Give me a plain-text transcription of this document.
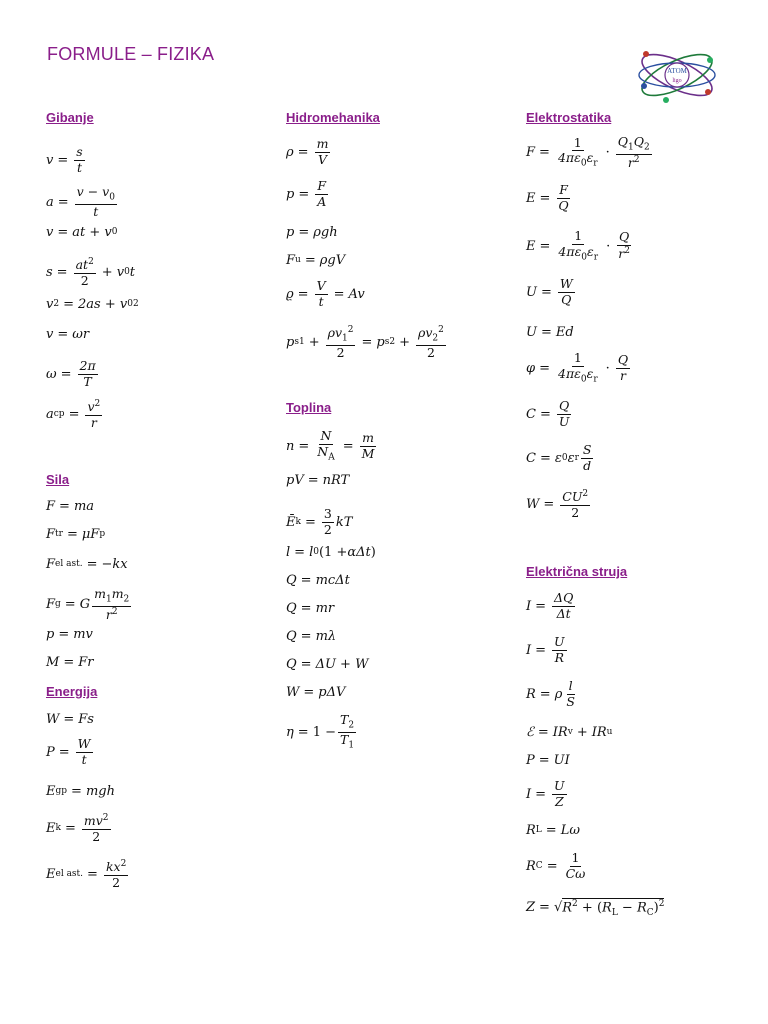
FORMULE – FIZIKA
ATOM
ligo
Gibanje
$v = \frac{s}{t}$
$a = \frac{v - v_0}{t}$
v = at + v 0
$s = \frac{at^2}{2} + v$ 0 t
v 2 = 2as + v 0 2
v = ωr
$\omega = \frac{2\pi}{T}$
a cp = $\frac{v^2}{r}$
Sila
F = ma
F tr = μF p
F el ast. = −kx
F g = G $\frac{m_1m_2}{r^2}$
p = mv
M = Fr
Energija
W = Fs
$P = \frac{W}{t}$
E gp = mgh
E $k = \frac{mv^2}{2}$
E el ast. = $\frac{kx^2}{2}$
Hidromehanika
$\rho = \frac{m}{V}$
$p = \frac{F}{A}$
p = ρgh
F u = ρgV
$ϱ = \frac{V}{t} = Av$
p $s1 + \frac{\rho v_1^2}{2} = p$ $s2 + \frac{\rho v_2^2}{2}$
Toplina
$n = \frac{N}{N_A} = \frac{m}{M}$
pV = nRT
Ē $k = \frac{3}{2}$ kT
l = l 0 (1 + αΔt )
Q = mcΔt
Q = mr
Q = mλ
Q = ΔU + W
W = pΔV
$\eta = 1 - \frac{T_2}{T_1}$
Elektrostatika
$F = \frac{1}{4\pi\varepsilon_0\varepsilon_r} \cdot \frac{Q_1Q_2}{r^2}$
$E = \frac{F}{Q}$
$E = \frac{1}{4\pi\varepsilon_0\varepsilon_r} \cdot \frac{Q}{r^2}$
$U = \frac{W}{Q}$
U = Ed
$\varphi = \frac{1}{4\pi\varepsilon_0\varepsilon_r} \cdot \frac{Q}{r}$
$C = \frac{Q}{U}$
C = ε 0 ε r $\frac{S}{d}$
$W = \frac{CU^2}{2}$
Električna struja
$I = \frac{\Delta Q}{\Delta t}$
$I = \frac{U}{R}$
R = ρ $\frac{l}{S}$
ℰ = IR v + IR u
P = UI
$I = \frac{U}{Z}$
R L = Lω
R $C = \frac{1}{C\omega}$
Z = √ $R^2 + (R_L - R_C)^2$
